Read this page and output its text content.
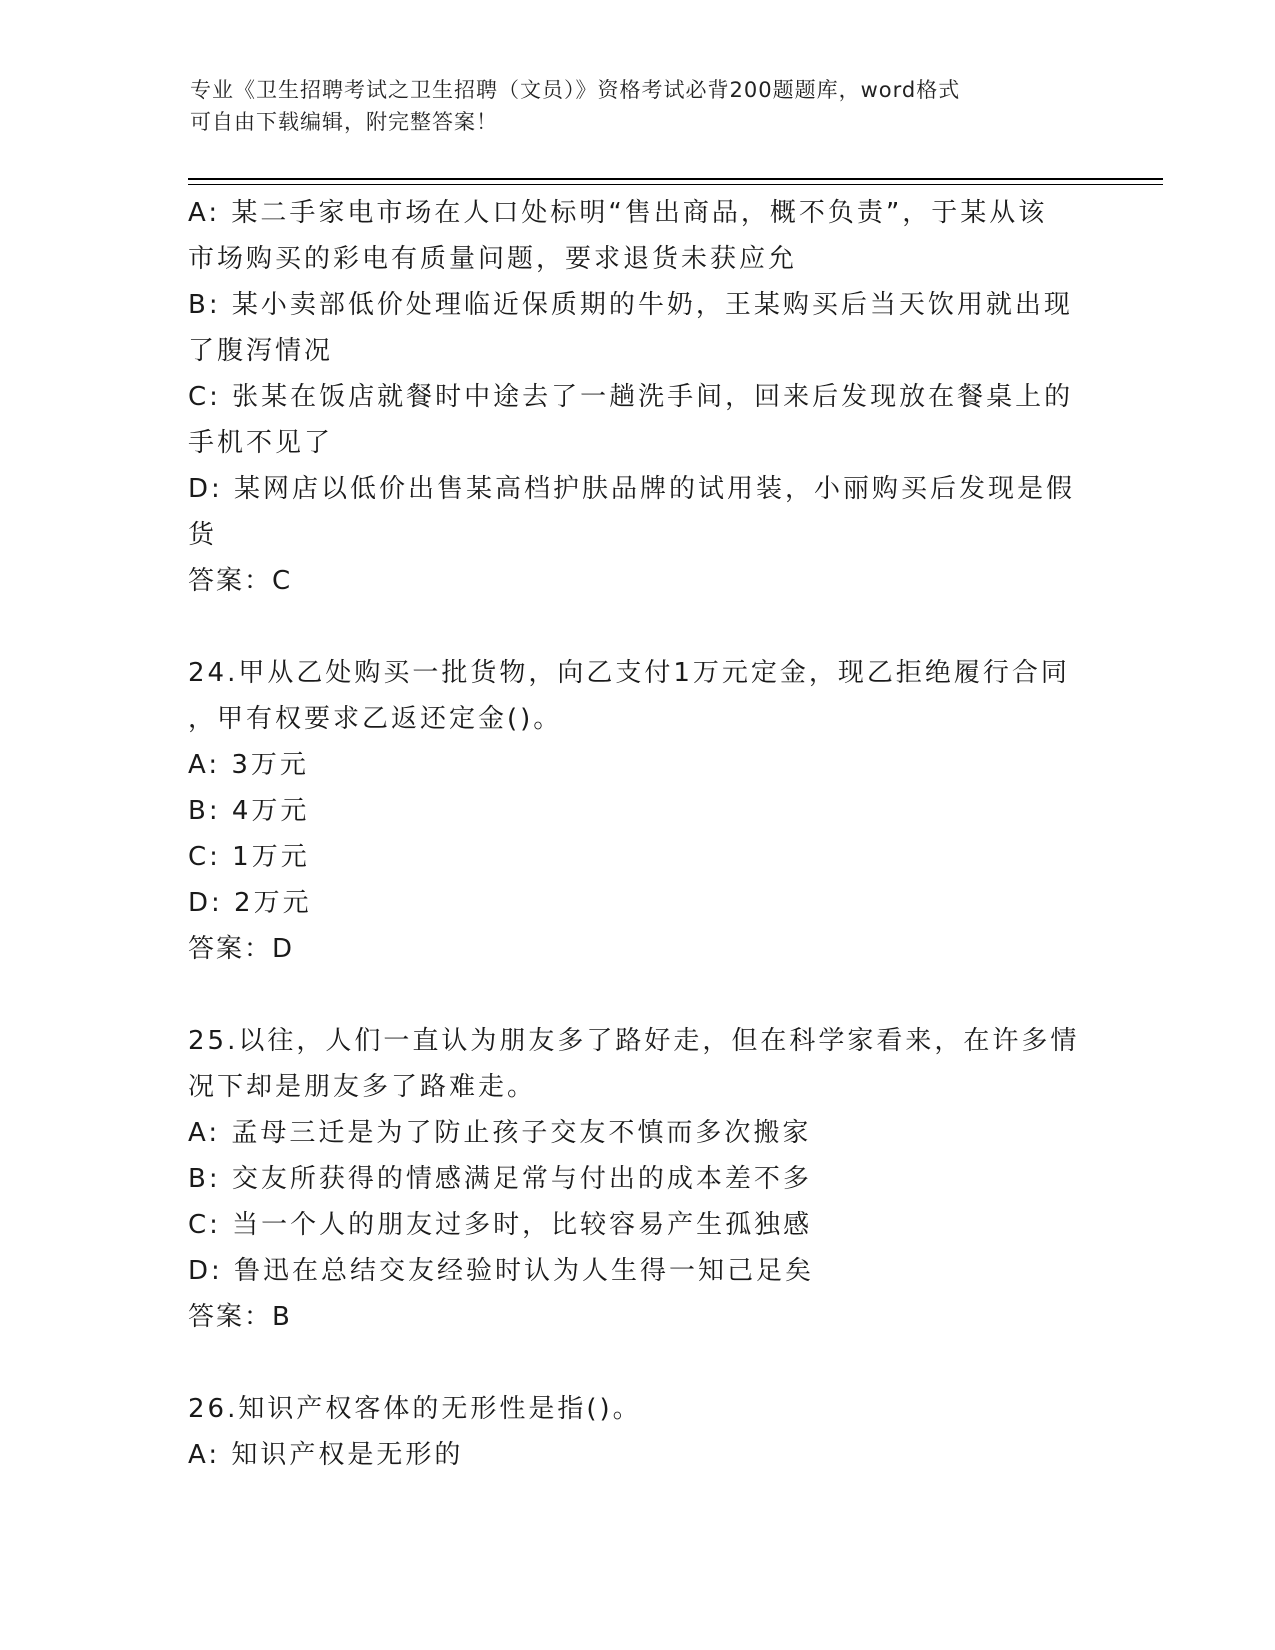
专业《卫生招聘考试之卫生招聘（文员）》资格考试必背200题题库，word格式
可自由下载编辑，附完整答案！
A: 某二手家电市场在人口处标明“售出商品，概不负责”，于某从该
市场购买的彩电有质量问题，要求退货未获应允
B: 某小卖部低价处理临近保质期的牛奶，王某购买后当天饮用就出现
了腹泻情况
C: 张某在饭店就餐时中途去了一趟洗手间，回来后发现放在餐桌上的
手机不见了
D: 某网店以低价出售某高档护肤品牌的试用装，小丽购买后发现是假
货
答案：C
24.甲从乙处购买一批货物，向乙支付1万元定金，现乙拒绝履行合同
，甲有权要求乙返还定金()。
A: 3万元
B: 4万元
C: 1万元
D: 2万元
答案：D
25.以往，人们一直认为朋友多了路好走，但在科学家看来，在许多情
况下却是朋友多了路难走。
A: 孟母三迁是为了防止孩子交友不慎而多次搬家
B: 交友所获得的情感满足常与付出的成本差不多
C: 当一个人的朋友过多时，比较容易产生孤独感
D: 鲁迅在总结交友经验时认为人生得一知己足矣
答案：B
26.知识产权客体的无形性是指()。
A: 知识产权是无形的
